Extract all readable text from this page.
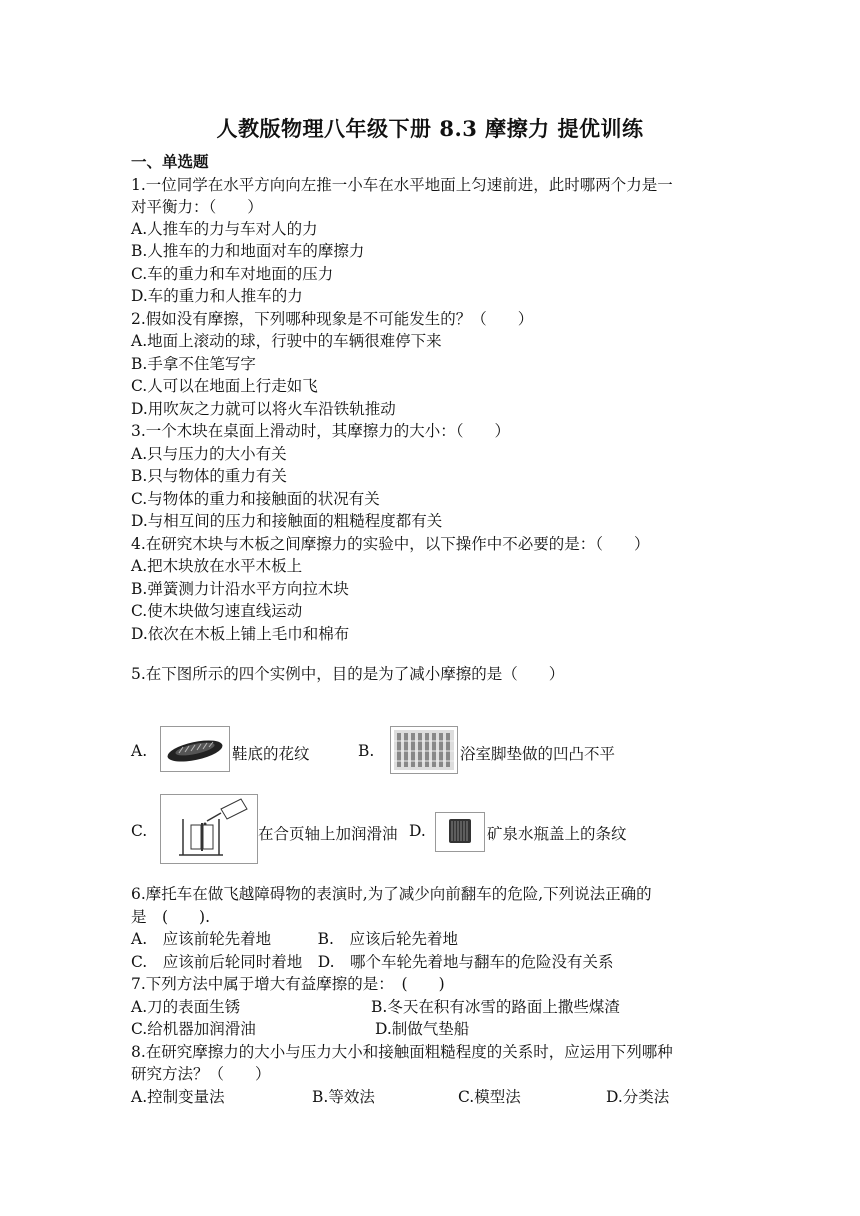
人教版物理八年级下册 8.3 摩擦力 提优训练
一、单选题
1.一位同学在水平方向向左推一小车在水平地面上匀速前进，此时哪两个力是一
对平衡力：（　　）
A.人推车的力与车对人的力
B.人推车的力和地面对车的摩擦力
C.车的重力和车对地面的压力
D.车的重力和人推车的力
2.假如没有摩擦，下列哪种现象是不可能发生的？（　　）
A.地面上滚动的球，行驶中的车辆很难停下来
B.手拿不住笔写字
C.人可以在地面上行走如飞
D.用吹灰之力就可以将火车沿铁轨推动
3.一个木块在桌面上滑动时，其摩擦力的大小：（　　）
A.只与压力的大小有关
B.只与物体的重力有关
C.与物体的重力和接触面的状况有关
D.与相互间的压力和接触面的粗糙程度都有关
4.在研究木块与木板之间摩擦力的实验中，以下操作中不必要的是：（　　）
A.把木块放在水平木板上
B.弹簧测力计沿水平方向拉木块
C.使木块做匀速直线运动
D.依次在木板上铺上毛巾和棉布
5.在下图所示的四个实例中，目的是为了减小摩擦的是（　　）
A.	鞋底的花纹	B.	浴室脚垫做的凹凸不平
C.	在合页轴上加润滑油 D.	矿泉水瓶盖上的条纹
6.摩托车在做飞越障碍物的表演时,为了减少向前翻车的危险,下列说法正确的
是　(　　).
A.　应该前轮先着地　　　B.　应该后轮先着地
C.　应该前后轮同时着地　D.　哪个车轮先着地与翻车的危险没有关系
7.下列方法中属于增大有益摩擦的是：　(　　)
A.刀的表面生锈	B.冬天在积有冰雪的路面上撒些煤渣
C.给机器加润滑油	D.制做气垫船
8.在研究摩擦力的大小与压力大小和接触面粗糙程度的关系时，应运用下列哪种
研究方法？（　　）
A.控制变量法	B.等效法	C.模型法	D.分类法
